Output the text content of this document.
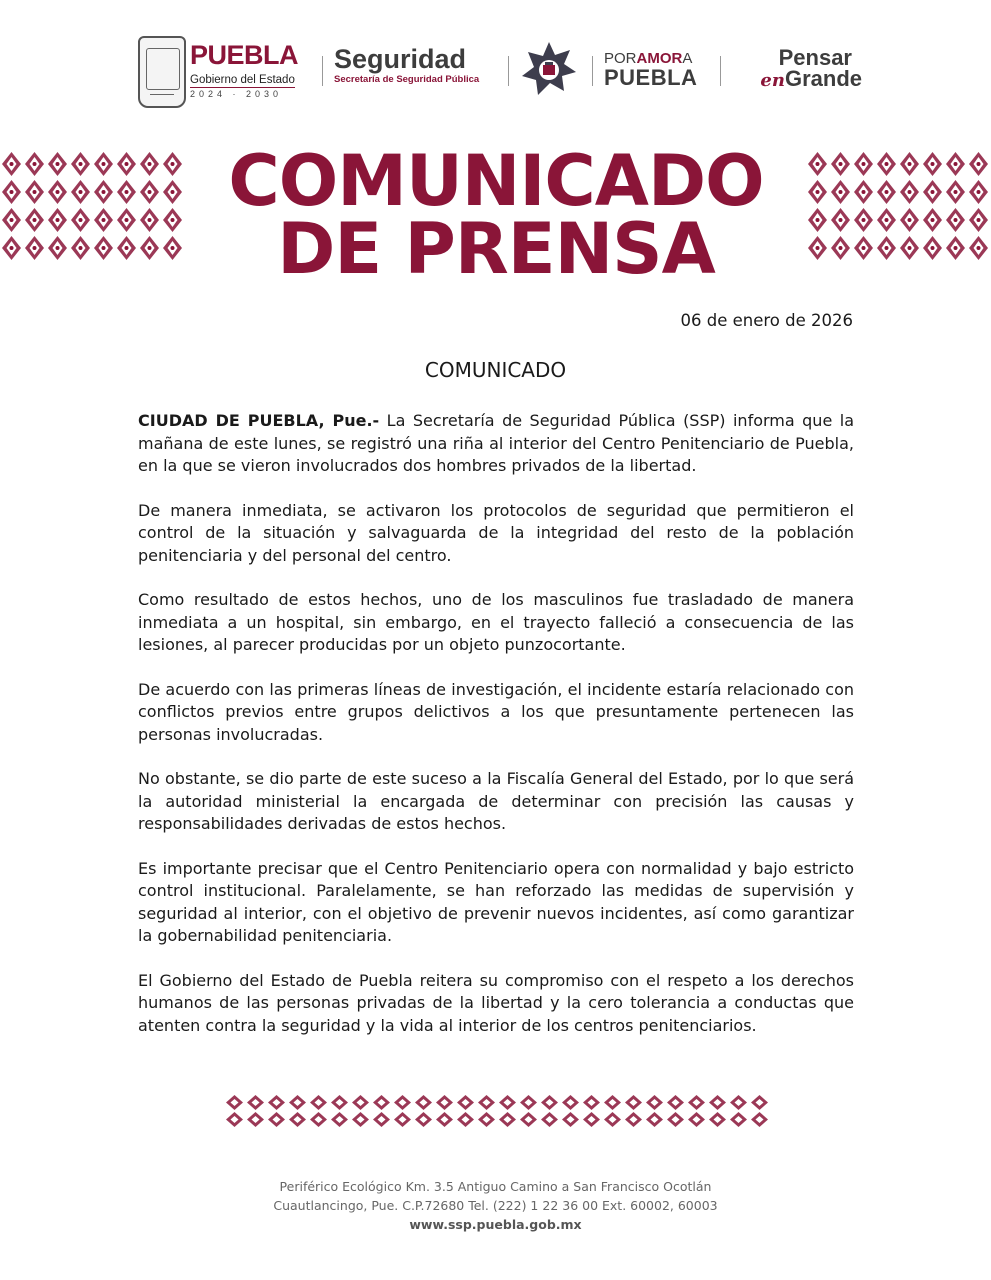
PUEBLA
Gobierno del Estado
2024 · 2030
Seguridad
Secretaría de Seguridad Pública
PORAMORA
PUEBLA
Pensar
enGrande
COMUNICADO
DE PRENSA
06 de enero de 2026
COMUNICADO

CIUDAD DE PUEBLA, Pue.- La Secretaría de Seguridad Pública (SSP) informa que la mañana de este lunes, se registró una riña al interior del Centro Penitenciario de Puebla, en la que se vieron involucrados dos hombres privados de la libertad.

De manera inmediata, se activaron los protocolos de seguridad que permitieron el control de la situación y salvaguarda de la integridad del resto de la población penitenciaria y del personal del centro.

Como resultado de estos hechos, uno de los masculinos fue trasladado de manera inmediata a un hospital, sin embargo, en el trayecto falleció a consecuencia de las lesiones, al parecer producidas por un objeto punzocortante.

De acuerdo con las primeras líneas de investigación, el incidente estaría relacionado con conflictos previos entre grupos delictivos a los que presuntamente pertenecen las personas involucradas.

No obstante, se dio parte de este suceso a la Fiscalía General del Estado, por lo que será la autoridad ministerial la encargada de determinar con precisión las causas y responsabilidades derivadas de estos hechos.

Es importante precisar que el Centro Penitenciario opera con normalidad y bajo estricto control institucional. Paralelamente, se han reforzado las medidas de supervisión y seguridad al interior, con el objetivo de prevenir nuevos incidentes, así como garantizar la gobernabilidad penitenciaria.

El Gobierno del Estado de Puebla reitera su compromiso con el respeto a los derechos humanos de las personas privadas de la libertad y la cero tolerancia a conductas que atenten contra la seguridad y la vida al interior de los centros penitenciarios.

Periférico Ecológico Km. 3.5 Antiguo Camino a San Francisco Ocotlán
Cuautlancingo, Pue. C.P.72680 Tel. (222) 1 22 36 00 Ext. 60002, 60003
www.ssp.puebla.gob.mx
